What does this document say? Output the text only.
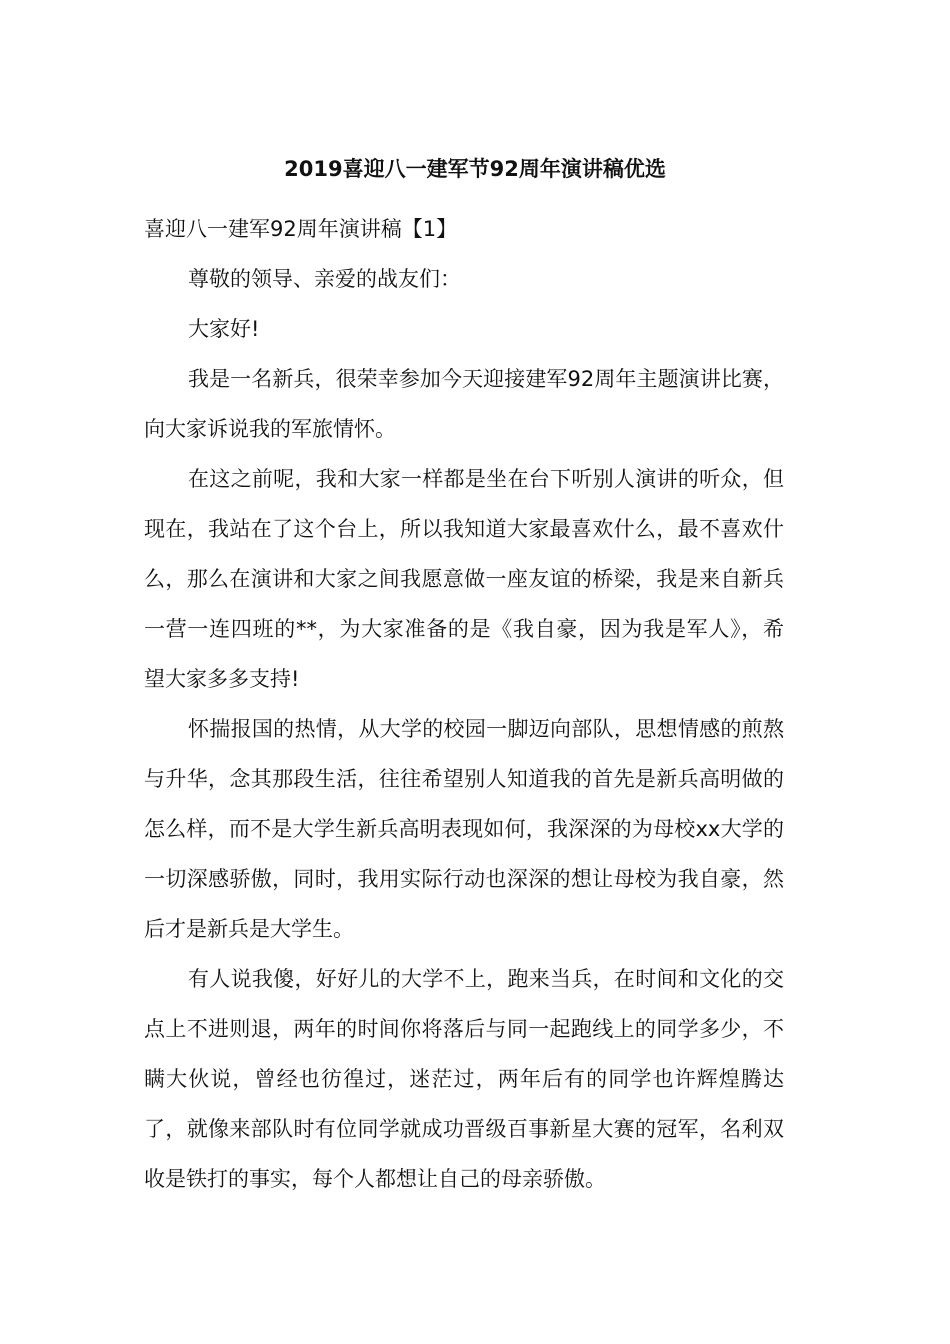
2019喜迎八一建军节92周年演讲稿优选

喜迎八一建军92周年演讲稿【1】

尊敬的领导、亲爱的战友们：

大家好!

我是一名新兵，很荣幸参加今天迎接建军92周年主题演讲比赛，向大家诉说我的军旅情怀。

在这之前呢，我和大家一样都是坐在台下听别人演讲的听众，但现在，我站在了这个台上，所以我知道大家最喜欢什么，最不喜欢什么，那么在演讲和大家之间我愿意做一座友谊的桥梁，我是来自新兵一营一连四班的**，为大家准备的是《我自豪，因为我是军人》，希望大家多多支持!

怀揣报国的热情，从大学的校园一脚迈向部队，思想情感的煎熬与升华，念其那段生活，往往希望别人知道我的首先是新兵高明做的怎么样，而不是大学生新兵高明表现如何，我深深的为母校xx大学的一切深感骄傲，同时，我用实际行动也深深的想让母校为我自豪，然后才是新兵是大学生。

有人说我傻，好好儿的大学不上，跑来当兵，在时间和文化的交点上不进则退，两年的时间你将落后与同一起跑线上的同学多少，不瞒大伙说，曾经也彷徨过，迷茫过，两年后有的同学也许辉煌腾达了，就像来部队时有位同学就成功晋级百事新星大赛的冠军，名利双收是铁打的事实，每个人都想让自己的母亲骄傲。
